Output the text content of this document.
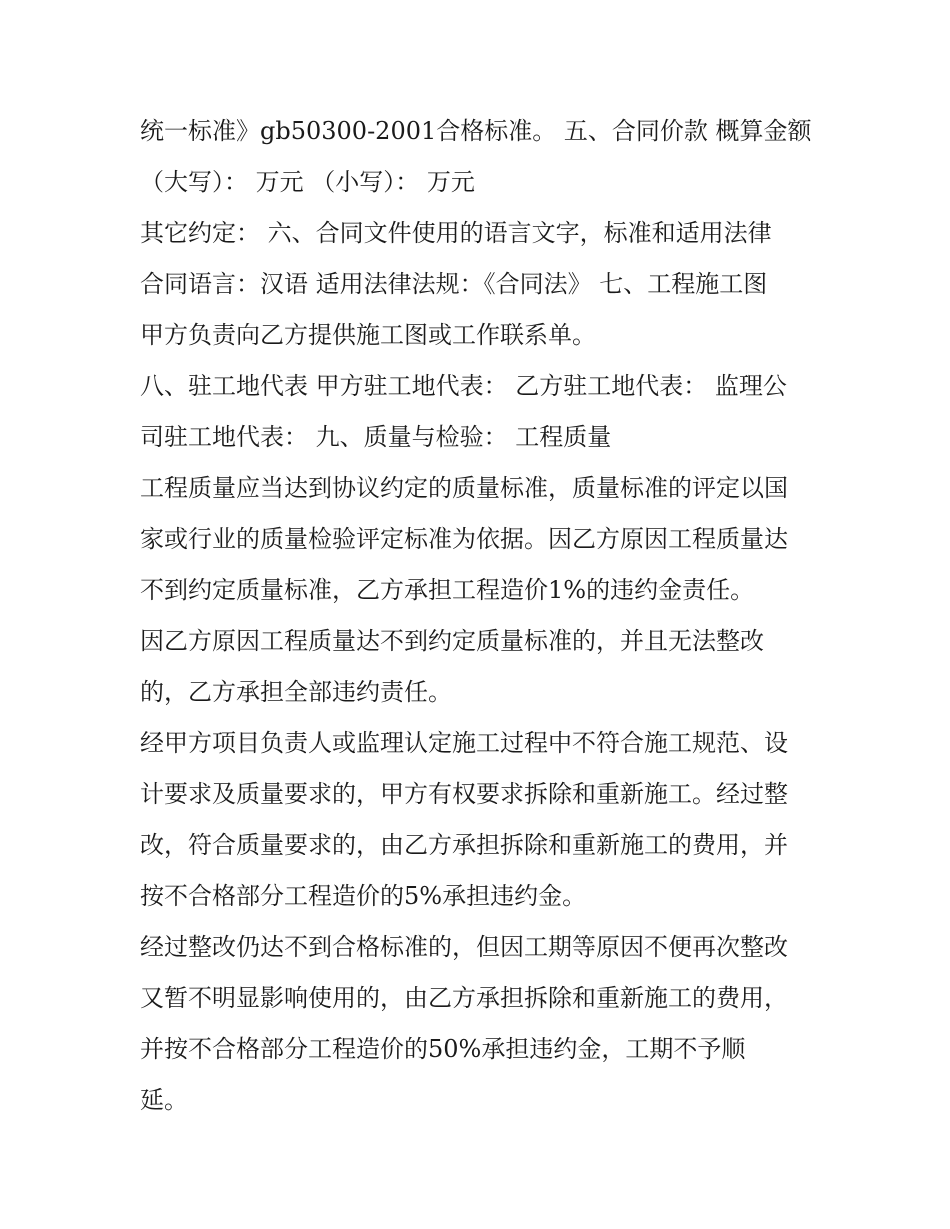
统一标准》gb50300-2001合格标准。 五、合同价款 概算金额
（大写）： 万元 （小写）： 万元
其它约定： 六、合同文件使用的语言文字，标准和适用法律
合同语言：汉语 适用法律法规：《合同法》 七、工程施工图
甲方负责向乙方提供施工图或工作联系单。
八、驻工地代表 甲方驻工地代表： 乙方驻工地代表： 监理公
司驻工地代表： 九、质量与检验： 工程质量
工程质量应当达到协议约定的质量标准，质量标准的评定以国
家或行业的质量检验评定标准为依据。因乙方原因工程质量达
不到约定质量标准，乙方承担工程造价1%的违约金责任。
因乙方原因工程质量达不到约定质量标准的，并且无法整改
的，乙方承担全部违约责任。
经甲方项目负责人或监理认定施工过程中不符合施工规范、设
计要求及质量要求的，甲方有权要求拆除和重新施工。经过整
改，符合质量要求的，由乙方承担拆除和重新施工的费用，并
按不合格部分工程造价的5%承担违约金。
经过整改仍达不到合格标准的，但因工期等原因不便再次整改
又暂不明显影响使用的，由乙方承担拆除和重新施工的费用，
并按不合格部分工程造价的50%承担违约金，工期不予顺
延。
